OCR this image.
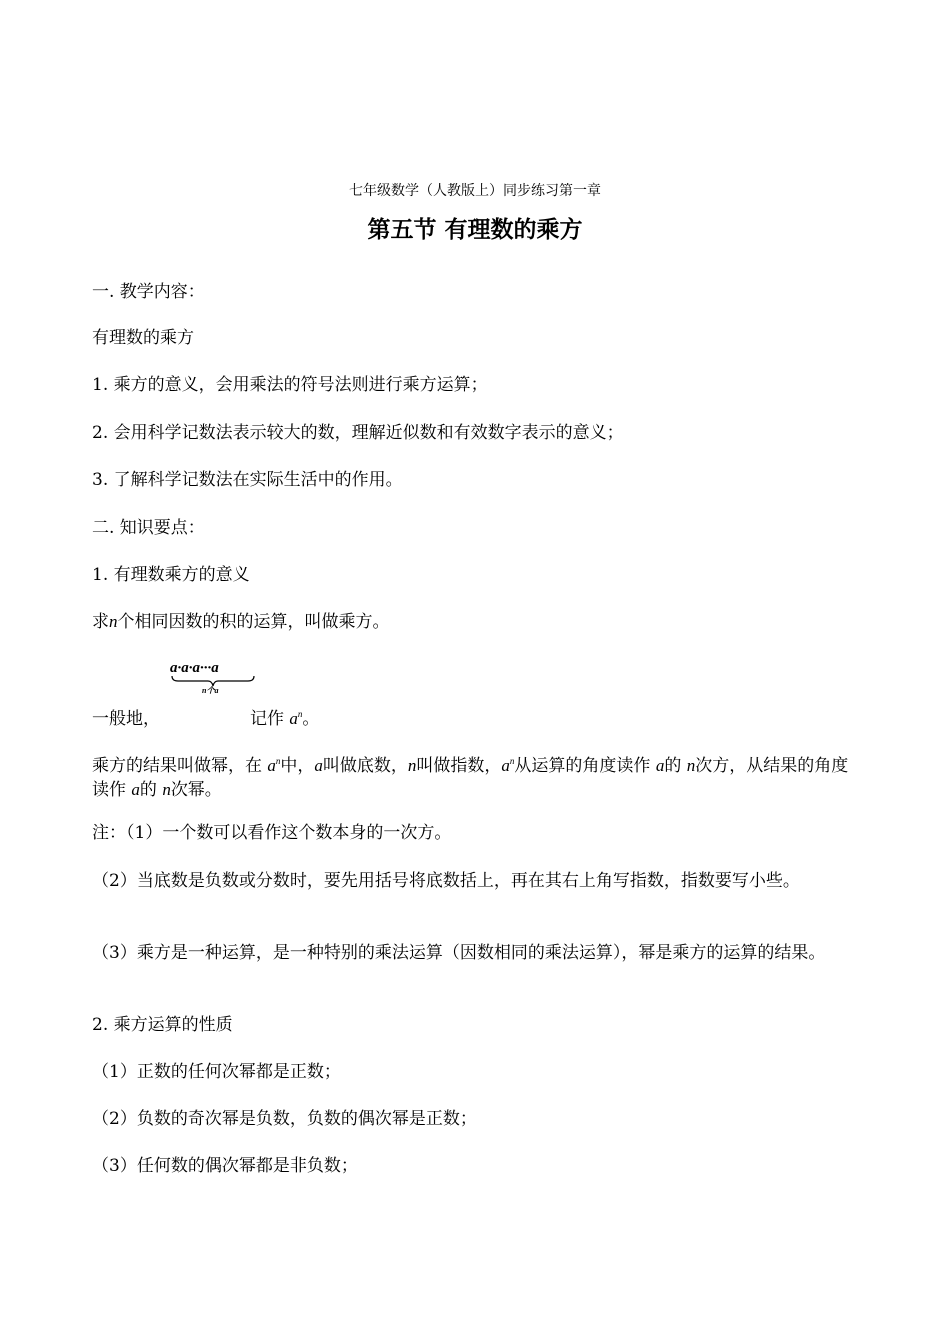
七年级数学（人教版上）同步练习第一章
第五节 有理数的乘方
一. 教学内容：
有理数的乘方
1. 乘方的意义，会用乘法的符号法则进行乘方运算；
2. 会用科学记数法表示较大的数，理解近似数和有效数字表示的意义；
3. 了解科学记数法在实际生活中的作用。
二. 知识要点：
1. 有理数乘方的意义
求n个相同因数的积的运算，叫做乘方。
a·a·a···a
n个a
一般地，	记作 $a^n$。
乘方的结果叫做幂，在 $a^n$中，a叫做底数，n叫做指数，$a^n$从运算的角度读作 a的 n次方，从结果的角度读作 a的 n次幂。
注：（1）一个数可以看作这个数本身的一次方。
（2）当底数是负数或分数时，要先用括号将底数括上，再在其右上角写指数，指数要写小些。
（3）乘方是一种运算，是一种特别的乘法运算（因数相同的乘法运算），幂是乘方的运算的结果。
2. 乘方运算的性质
（1）正数的任何次幂都是正数；
（2）负数的奇次幂是负数，负数的偶次幂是正数；
（3）任何数的偶次幂都是非负数；
